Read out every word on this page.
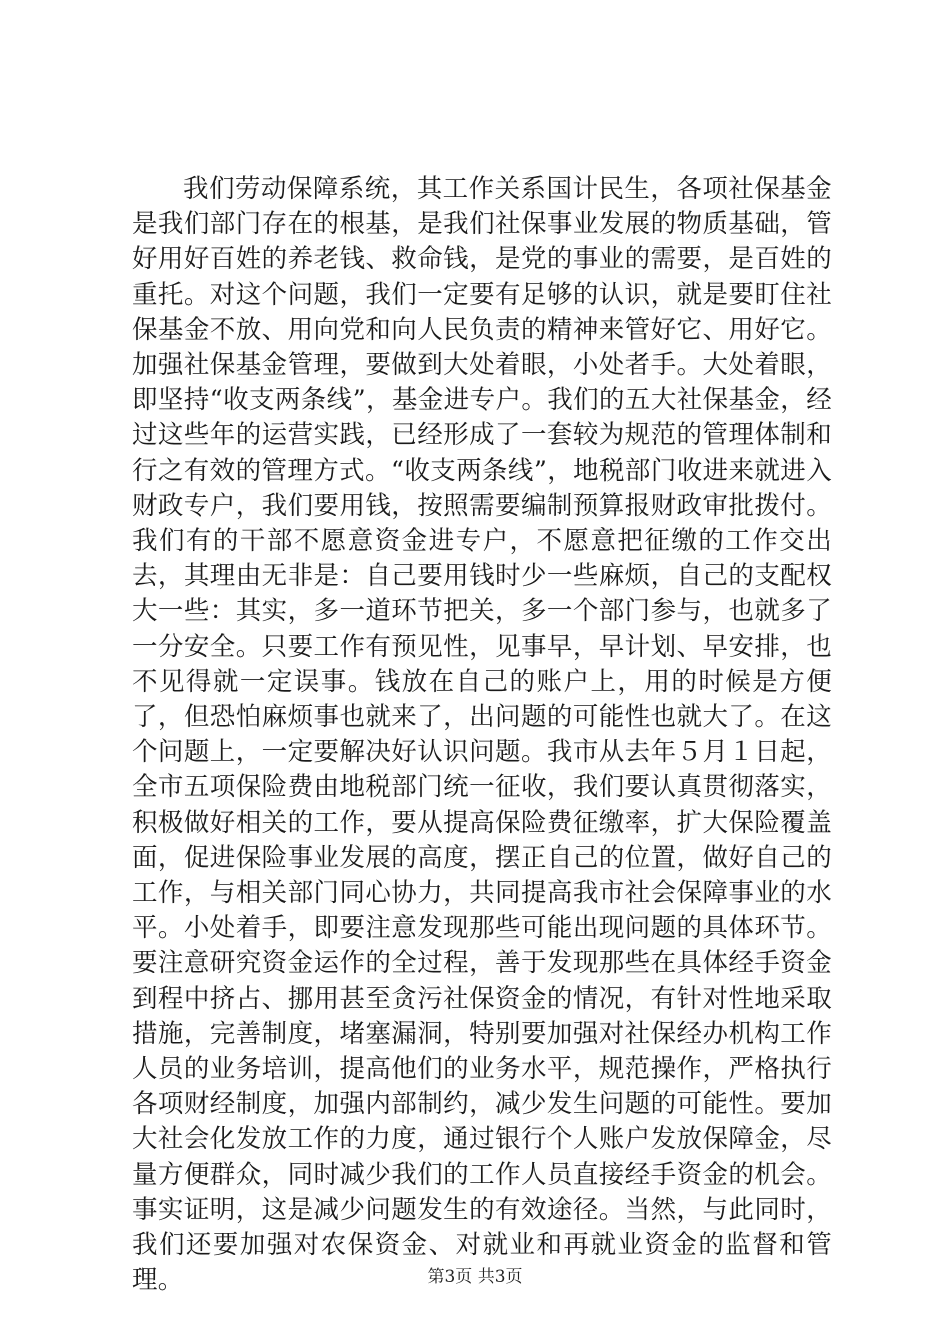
我们劳动保障系统，其工作关系国计民生，各项社保基金是我们部门存在的根基，是我们社保事业发展的物质基础，管好用好百姓的养老钱、救命钱，是党的事业的需要，是百姓的重托。对这个问题，我们一定要有足够的认识，就是要盯住社保基金不放、用向党和向人民负责的精神来管好它、用好它。加强社保基金管理，要做到大处着眼，小处者手。大处着眼，即坚持“收支两条线”，基金进专户。我们的五大社保基金，经过这些年的运营实践，已经形成了一套较为规范的管理体制和行之有效的管理方式。“收支两条线”，地税部门收进来就进入财政专户，我们要用钱，按照需要编制预算报财政审批拨付。我们有的干部不愿意资金进专户，不愿意把征缴的工作交出去，其理由无非是：自己要用钱时少一些麻烦，自己的支配权大一些：其实，多一道环节把关，多一个部门参与，也就多了一分安全。只要工作有预见性，见事早，早计划、早安排，也不见得就一定误事。钱放在自己的账户上，用的时候是方便了，但恐怕麻烦事也就来了，出问题的可能性也就大了。在这个问题上，一定要解决好认识问题。我市从去年５月１日起，全市五项保险费由地税部门统一征收，我们要认真贯彻落实，积极做好相关的工作，要从提高保险费征缴率，扩大保险覆盖面，促进保险事业发展的高度，摆正自己的位置，做好自己的工作，与相关部门同心协力，共同提高我市社会保障事业的水平。小处着手，即要注意发现那些可能出现问题的具体环节。要注意研究资金运作的全过程，善于发现那些在具体经手资金到程中挤占、挪用甚至贪污社保资金的情况，有针对性地采取措施，完善制度，堵塞漏洞，特别要加强对社保经办机构工作人员的业务培训，提高他们的业务水平，规范操作，严格执行各项财经制度，加强内部制约，减少发生问题的可能性。要加大社会化发放工作的力度，通过银行个人账户发放保障金，尽量方便群众，同时减少我们的工作人员直接经手资金的机会。事实证明，这是减少问题发生的有效途径。当然，与此同时，我们还要加强对农保资金、对就业和再就业资金的监督和管理。	第3页 共3页
